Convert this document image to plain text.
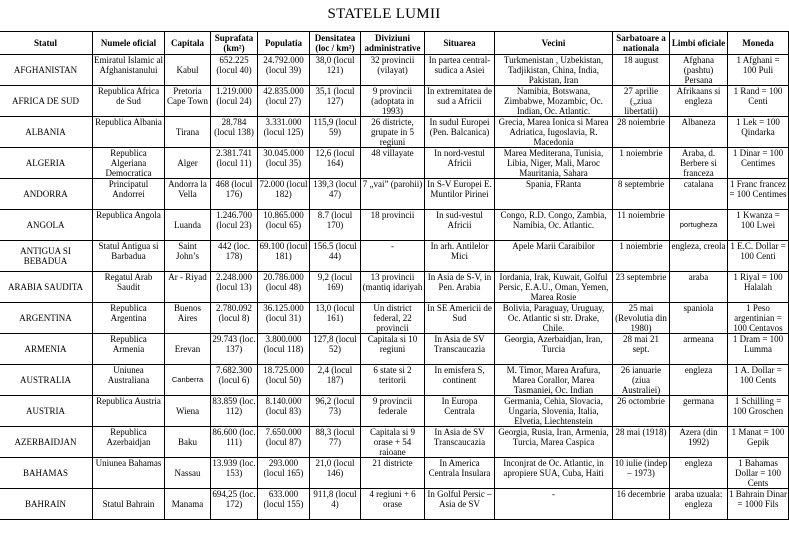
STATELE LUMII
Statul	Numele oficial	Capitala	Suprafata (km²)	Populatia	Densitatea (loc / km²)	Diviziuni administrative	Situarea	Vecini	Sarbatoare a nationala	Limbi oficiale	Moneda
AFGHANISTAN	Emiratul Islamic al Afghanistanului	Kabul	652.225 (locul 40)	24.792.000 (locul 39)	38,0 (locul 121)	32 provincii (vilayat)	In partea central-sudica a Asiei	Turkmenistan , Uzbekistan, Tadjikistan, China, India, Pakistan, Iran	18 august	Afghana (pashtu) Persana	1 Afghani = 100 Puli
AFRICA DE SUD	Republica Africa de Sud	Pretoria Cape Town	1.219.000 (locul 24)	42.835.000 (locul 27)	35,1 (locul 127)	9 provincii (adoptata in 1993)	In extremitatea de sud a Africii	Namibia, Botswana, Zimbabwe, Mozambic, Oc. Indian, Oc. Atlantic.	27 aprilie („ziua libertatii)	Afrikaans si engleza	1 Rand = 100 Centi
ALBANIA	Republica Albania	Tirana	28.784 (locul 138)	3.331.000 (locul 125)	115,9 (locul 59)	26 districte, grupate in 5 regiuni	In sudul Europei (Pen. Balcanica)	Grecia, Marea Ionica si Marea Adriatica, Iugoslavia, R. Macedonia	28 noiembrie	Albaneza	1 Lek = 100 Qindarka
ALGERIA	Republica Algeriana Democratica	Alger	2.381.741 (locul 11)	30.045.000 (locul 35)	12,6 (locul 164)	48 villayate	In nord-vestul Africii	Marea Mediterana, Tunisia, Libia, Niger, Mali, Maroc Mauritania, Sahara	1 noiembrie	Araba, d. Berbere si franceza	1 Dinar = 100 Centimes
ANDORRA	Principatul Andorrei	Andorra la Vella	468 (locul 176)	72.000 (locul 182)	139,3 (locul 47)	7 „vai” (parohii)	In S-V Europei E. Muntilor Pirinei	Spania, FRanta	8 septembrie	catalana	1 Franc francez = 100 Centimes
ANGOLA	Republica Angola	Luanda	1.246.700 (locul 23)	10.865.000 (locul 65)	8.7 (locul 170)	18 provincii	In sud-vestul Africii	Congo, R.D. Congo, Zambia, Namibia, Oc. Atlantic.	11 noiembrie	portugheza	1 Kwanza = 100 Lwei
ANTIGUA SI BEBADUA	Statul Antigua si Barbadua	Saint John’s	442 (loc. 178)	69.100 (locul 181)	156.5 (locul 44)	-	In arh. Antilelor Mici	Apele Marii Caraibilor	1 noiembrie	engleza, creola	1 E.C. Dollar = 100 Centi
ARABIA SAUDITA	Regatul Arab Saudit	Ar - Riyad	2.248.000 (locul 13)	20.786.000 (locul 48)	9,2 (locul 169)	13 provincii (mantiq idariyah	In Asia de S-V, in Pen. Arabia	Iordania, Irak, Kuwait, Golful Persic, E.A.U., Oman, Yemen, Marea Rosie	23 septembrie	araba	1 Riyal = 100 Halalah
ARGENTINA	Republica Argentina	Buenos Aires	2.780.092 (locul 8)	36.125.000 (locul 31)	13,0 (locul 161)	Un district federal, 22 provincii	In SE Americii de Sud	Bolivia, Paraguay, Uruguay, Oc. Atlantic si str. Drake, Chile.	25 mai (Revolutia din 1980)	spaniola	1 Peso argentinian = 100 Centavos
ARMENIA	Republica Armenia	Erevan	29.743 (loc. 137)	3.800.000 (locul 118)	127,8 (locul 52)	Capitala si 10 regiuni	In Asia de SV Transcaucazia	Georgia, Azerbaidjan, Iran, Turcia	28 mai 21 sept.	armeana	1 Dram = 100 Lumma
AUSTRALIA	Uniunea Australiana	Canberra	7.682.300 (locul 6)	18.725.000 (locul 50)	2,4 (locul 187)	6 state si 2 teritorii	In emisfera S, continent	M. Timor, Marea Arafura, Marea Corallor, Marea Tasmaniei, Oc. Indian	26 ianuarie (ziua Australiei)	engleza	1 A. Dollar = 100 Cents
AUSTRIA	Republica Austria	Wiena	83.859 (loc. 112)	8.140.000 (locul 83)	96,2 (locul 73)	9 provincii federale	In Europa Centrala	Germania, Cehia, Slovacia, Ungaria, Slovenia, Italia, Elvetia, Liechtenstein	26 octombrie	germana	1 Schilling = 100 Groschen
AZERBAIDJAN	Republica Azerbaidjan	Baku	86.600 (loc. 111)	7.650.000 (locul 87)	88,3 (locul 77)	Capitala si 9 orase + 54 raioane	In Asia de SV Transcaucazia	Georgia, Rusia, Iran, Armenia, Turcia, Marea Caspica	28 mai (1918)	Azera (din 1992)	1 Manat = 100 Gepik
BAHAMAS	Uniunea Bahamas	Nassau	13.939 (loc. 153)	293.000 (locul 165)	21,0 (locul 146)	21 districte	In America Centrala Insulara	Inconjrat de Oc. Atlantic, in apropiere SUA, Cuba, Haiti	10 iulie (indep – 1973)	engleza	1 Bahamas Dollar = 100 Cents
BAHRAIN	Statul Bahrain	Manama	694,25 (loc. 172)	633.000 (locul 155)	911,8 (locul 4)	4 regiuni + 6 orase	In Golful Persic – Asia de SV	-	16 decembrie	araba uzuala: engleza	1 Bahrain Dinar = 1000 Fils
